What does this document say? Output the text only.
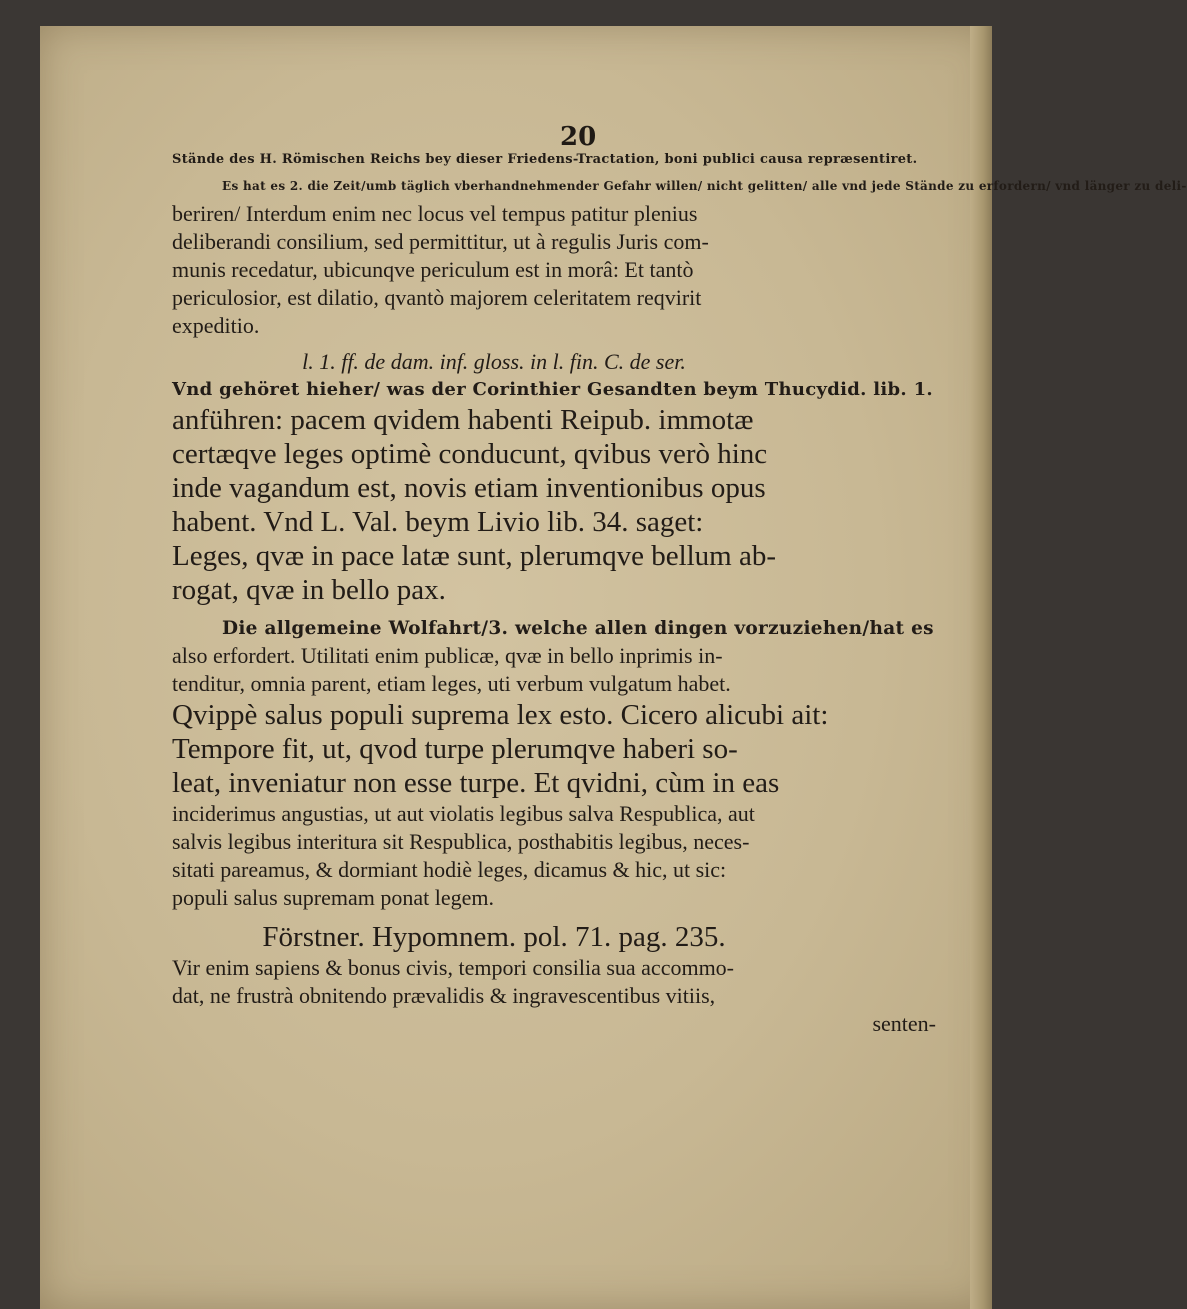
20

Stände des H. Römischen Reichs bey dieser Friedens-Tractation, boni publici causa repræsentiret.

Es hat es 2. die Zeit/umb täglich vberhandnehmender Gefahr willen/ nicht gelitten/ alle vnd jede Stände zu erfordern/ vnd länger zu deli-

beriren/ Interdum enim nec locus vel tempus patitur plenius

deliberandi consilium, sed permittitur, ut à regulis Juris com-

munis recedatur, ubicunqve periculum est in morâ: Et tantò

periculosior, est dilatio, qvantò majorem celeritatem reqvirit

expeditio.

l. 1. ff. de dam. inf. gloss. in l. fin. C. de ser.

Vnd gehöret hieher/ was der Corinthier Gesandten beym Thucydid. lib. 1.

anführen: pacem qvidem habenti Reipub. immotæ

certæqve leges optimè conducunt, qvibus verò hinc

inde vagandum est, novis etiam inventionibus opus

habent. Vnd L. Val. beym Livio lib. 34. saget:

Leges, qvæ in pace latæ sunt, plerumqve bellum ab-

rogat, qvæ in bello pax.

Die allgemeine Wolfahrt/3. welche allen dingen vorzuziehen/hat es

also erfordert. Utilitati enim publicæ, qvæ in bello inprimis in-

tenditur, omnia parent, etiam leges, uti verbum vulgatum habet.

Qvippè salus populi suprema lex esto. Cicero alicubi ait:

Tempore fit, ut, qvod turpe plerumqve haberi so-

leat, inveniatur non esse turpe. Et qvidni, cùm in eas

inciderimus angustias, ut aut violatis legibus salva Respublica, aut

salvis legibus interitura sit Respublica, posthabitis legibus, neces-

sitati pareamus, & dormiant hodiè leges, dicamus & hic, ut sic:

populi salus supremam ponat legem.

Förstner. Hypomnem. pol. 71. pag. 235.

Vir enim sapiens & bonus civis, tempori consilia sua accommo-

dat, ne frustrà obnitendo prævalidis & ingravescentibus vitiis,

senten-
